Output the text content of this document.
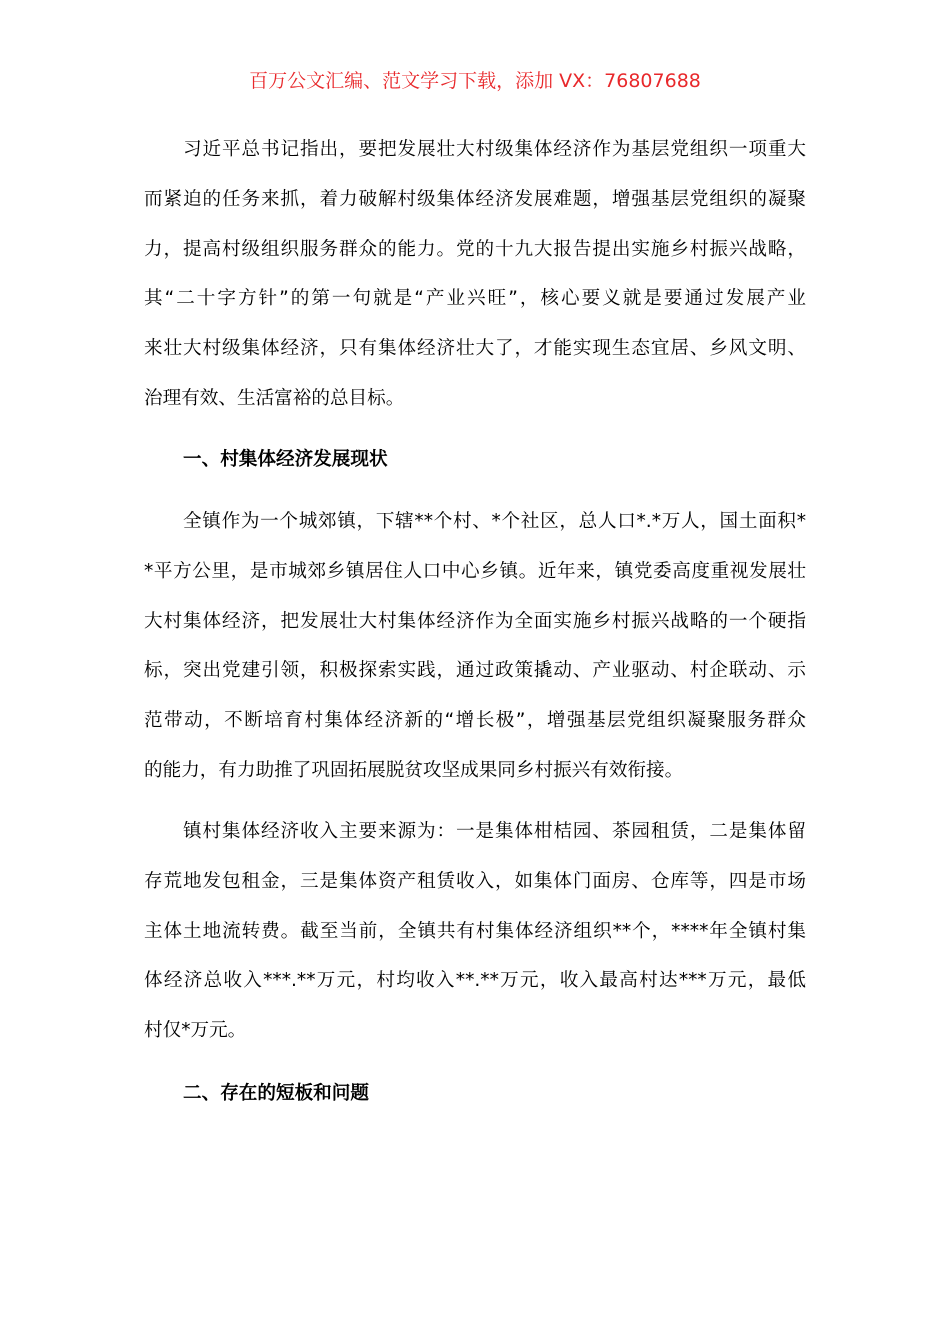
百万公文汇编、范文学习下载，添加 VX：76807688
习近平总书记指出，要把发展壮大村级集体经济作为基层党组织一项重大
而紧迫的任务来抓，着力破解村级集体经济发展难题，增强基层党组织的凝聚
力，提高村级组织服务群众的能力。党的十九大报告提出实施乡村振兴战略，
其“二十字方针”的第一句就是“产业兴旺”，核心要义就是要通过发展产业
来壮大村级集体经济，只有集体经济壮大了，才能实现生态宜居、乡风文明、
治理有效、生活富裕的总目标。
一、村集体经济发展现状
全镇作为一个城郊镇，下辖**个村、*个社区，总人口*.*万人，国土面积*
*平方公里，是市城郊乡镇居住人口中心乡镇。近年来，镇党委高度重视发展壮
大村集体经济，把发展壮大村集体经济作为全面实施乡村振兴战略的一个硬指
标，突出党建引领，积极探索实践，通过政策撬动、产业驱动、村企联动、示
范带动，不断培育村集体经济新的“增长极”，增强基层党组织凝聚服务群众
的能力，有力助推了巩固拓展脱贫攻坚成果同乡村振兴有效衔接。
镇村集体经济收入主要来源为：一是集体柑桔园、茶园租赁，二是集体留
存荒地发包租金，三是集体资产租赁收入，如集体门面房、仓库等，四是市场
主体土地流转费。截至当前，全镇共有村集体经济组织**个，****年全镇村集
体经济总收入***.**万元，村均收入**.**万元，收入最高村达***万元，最低
村仅*万元。
二、存在的短板和问题
